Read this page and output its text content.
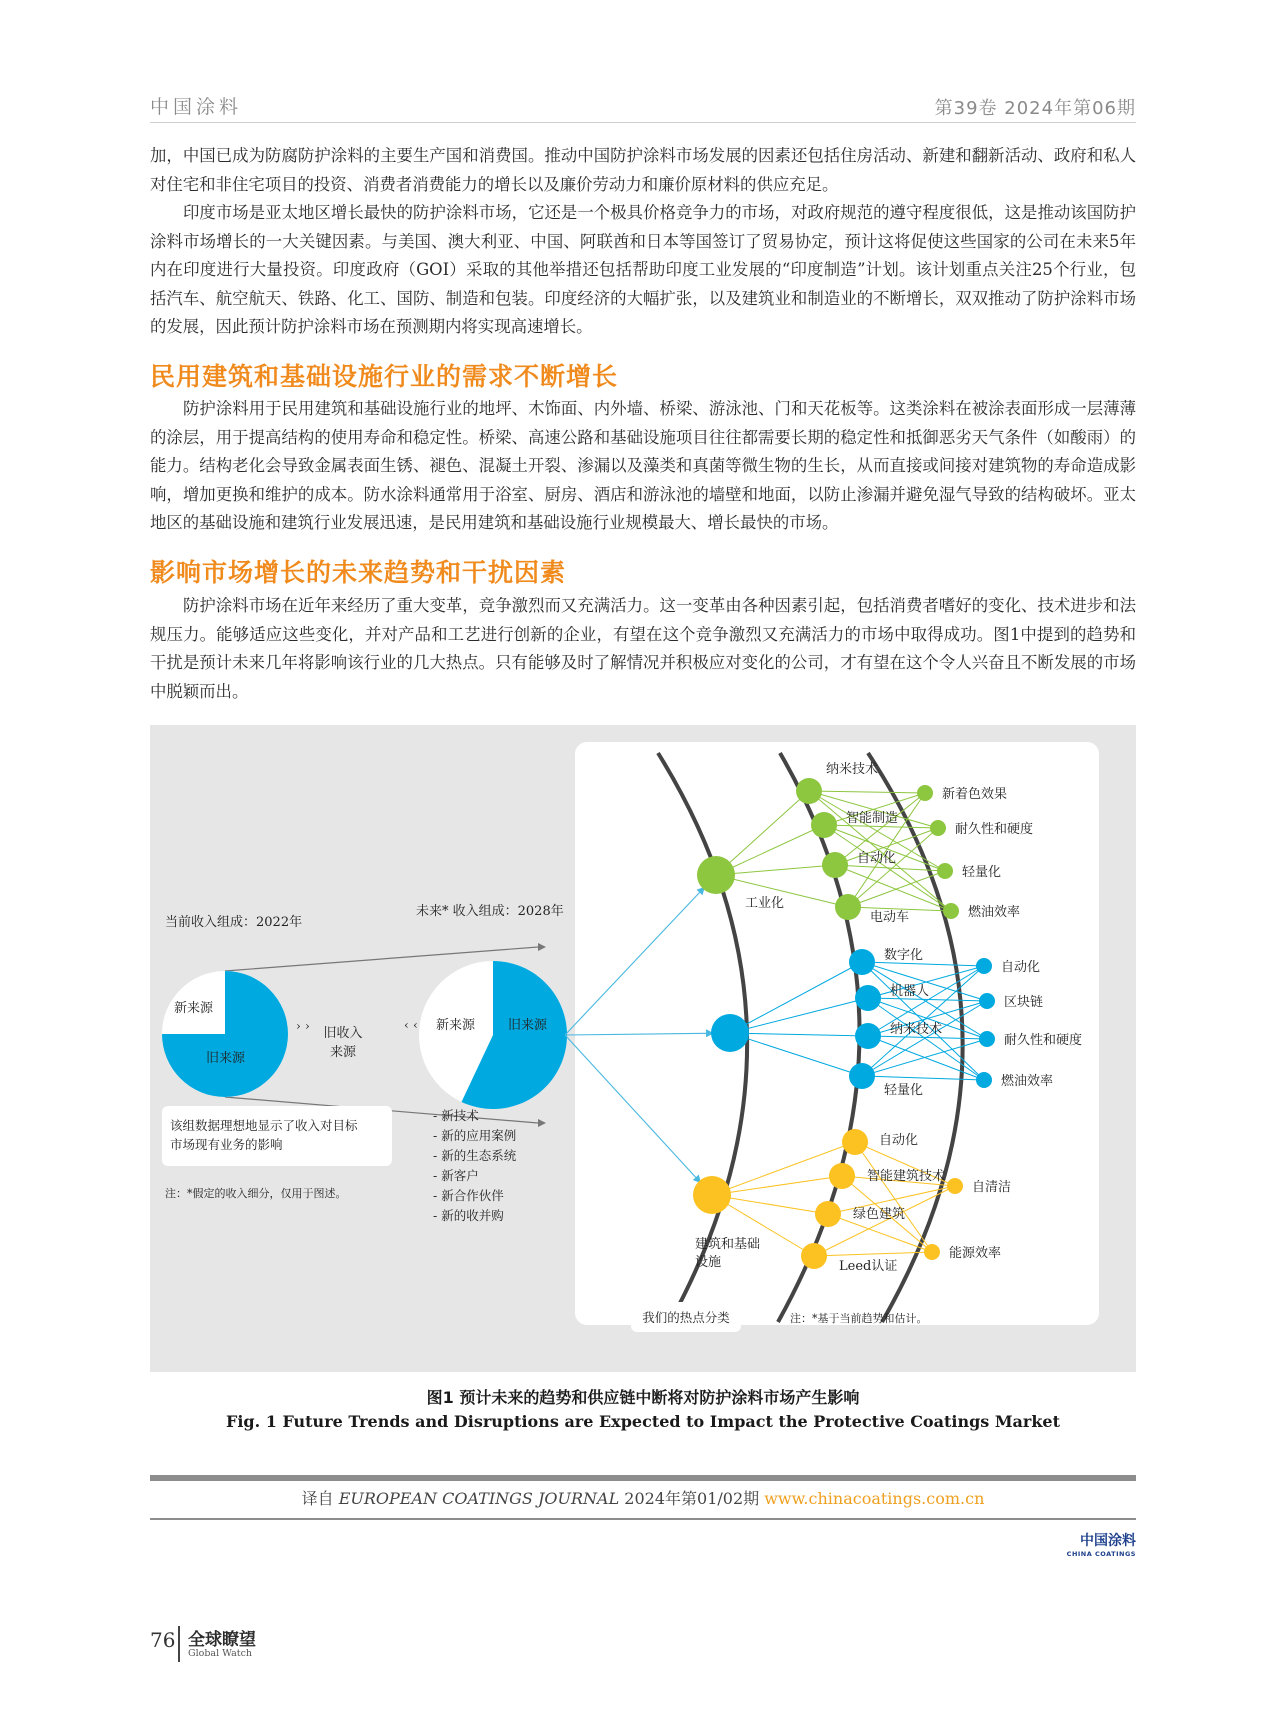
中国涂料	第39卷 2024年第06期

加，中国已成为防腐防护涂料的主要生产国和消费国。推动中国防护涂料市场发展的因素还包括住房活动、新建和翻新活动、政府和私人对住宅和非住宅项目的投资、消费者消费能力的增长以及廉价劳动力和廉价原材料的供应充足。

印度市场是亚太地区增长最快的防护涂料市场，它还是一个极具价格竞争力的市场，对政府规范的遵守程度很低，这是推动该国防护涂料市场增长的一大关键因素。与美国、澳大利亚、中国、阿联酋和日本等国签订了贸易协定，预计这将促使这些国家的公司在未来5年内在印度进行大量投资。印度政府（GOI）采取的其他举措还包括帮助印度工业发展的“印度制造”计划。该计划重点关注25个行业，包括汽车、航空航天、铁路、化工、国防、制造和包装。印度经济的大幅扩张，以及建筑业和制造业的不断增长，双双推动了防护涂料市场的发展，因此预计防护涂料市场在预测期内将实现高速增长。

民用建筑和基础设施行业的需求不断增长

防护涂料用于民用建筑和基础设施行业的地坪、木饰面、内外墙、桥梁、游泳池、门和天花板等。这类涂料在被涂表面形成一层薄薄的涂层，用于提高结构的使用寿命和稳定性。桥梁、高速公路和基础设施项目往往都需要长期的稳定性和抵御恶劣天气条件（如酸雨）的能力。结构老化会导致金属表面生锈、褪色、混凝土开裂、渗漏以及藻类和真菌等微生物的生长，从而直接或间接对建筑物的寿命造成影响，增加更换和维护的成本。防水涂料通常用于浴室、厨房、酒店和游泳池的墙壁和地面，以防止渗漏并避免湿气导致的结构破坏。亚太地区的基础设施和建筑行业发展迅速，是民用建筑和基础设施行业规模最大、增长最快的市场。

影响市场增长的未来趋势和干扰因素

防护涂料市场在近年来经历了重大变革，竞争激烈而又充满活力。这一变革由各种因素引起，包括消费者嗜好的变化、技术进步和法规压力。能够适应这些变化，并对产品和工艺进行创新的企业，有望在这个竞争激烈又充满活力的市场中取得成功。图1中提到的趋势和干扰是预计未来几年将影响该行业的几大热点。只有能够及时了解情况并积极应对变化的公司，才有望在这个令人兴奋且不断发展的市场中脱颖而出。

当前收入组成：2022年
未来* 收入组成：2028年
新来源
旧来源
新来源	旧来源
› ›	‹ ‹
旧收入
来源
该组数据理想地显示了收入对目标
市场现有业务的影响
注：*假定的收入细分，仅用于图述。
- 新技术
- 新的应用案例
- 新的生态系统
- 新客户
- 新合作伙伴
- 新的收并购
纳米技术
智能制造
自动化
电动车
新着色效果
耐久性和硬度
轻量化
燃油效率
工业化
数字化
机器人
纳米技术
轻量化
自动化
区块链
耐久性和硬度
燃油效率
自动化
智能建筑技术
绿色建筑
Leed认证
自清洁
能源效率
建筑和基础
设施
我们的热点分类	注：*基于当前趋势和估计。
图1 预计未来的趋势和供应链中断将对防护涂料市场产生影响
Fig. 1 Future Trends and Disruptions are Expected to Impact the Protective Coatings Market
译自 EUROPEAN COATINGS JOURNAL 2024年第01/02期 www.chinacoatings.com.cn
中国涂料
CHINA COATINGS
76 全球瞭望
Global Watch
